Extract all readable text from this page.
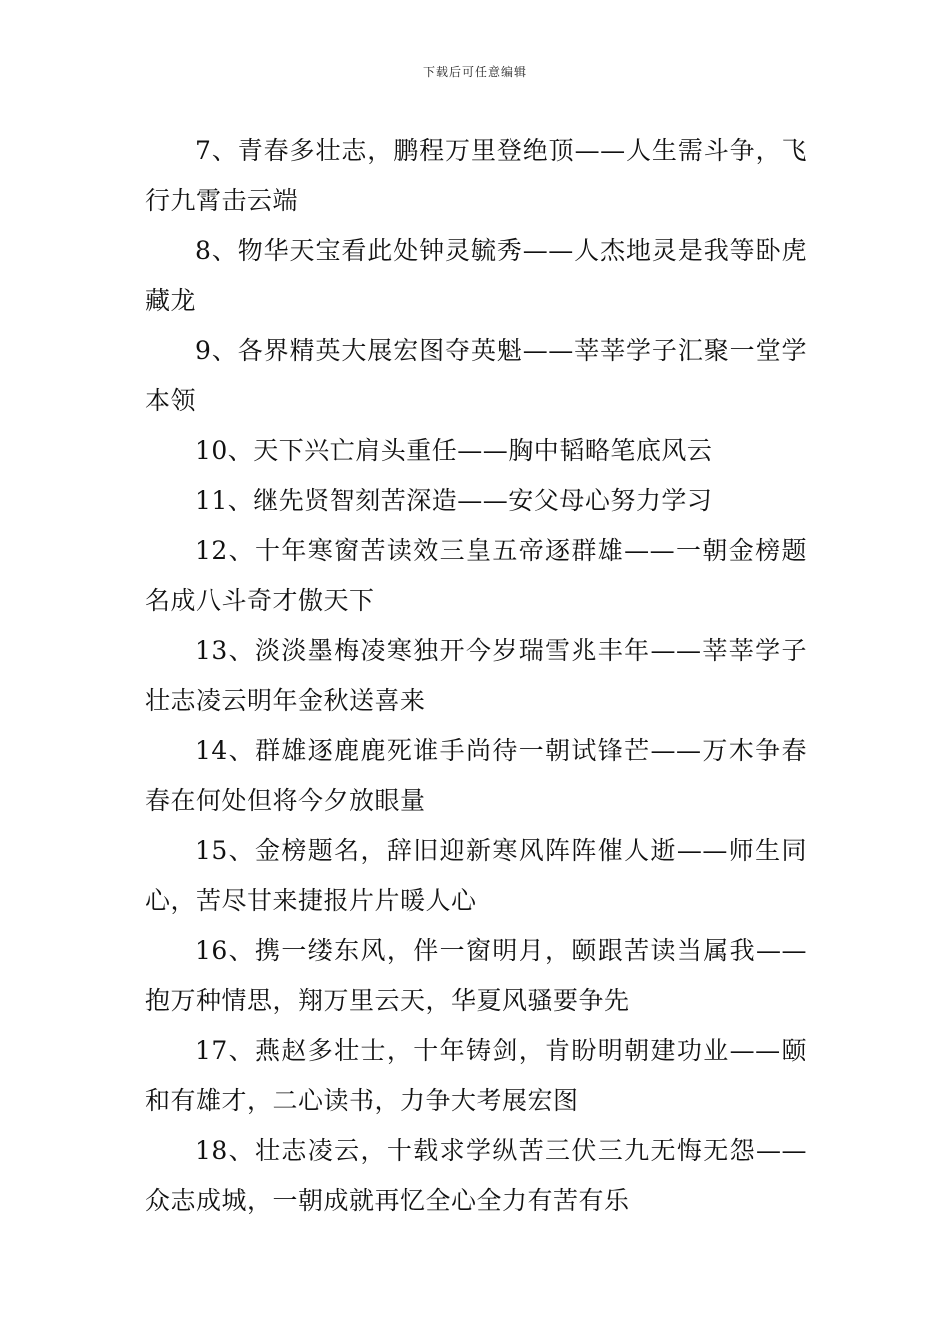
下载后可任意编辑

7、青春多壮志，鹏程万里登绝顶——人生需斗争，飞行九霄击云端

8、物华天宝看此处钟灵毓秀——人杰地灵是我等卧虎藏龙

9、各界精英大展宏图夺英魁——莘莘学子汇聚一堂学本领

10、天下兴亡肩头重任——胸中韬略笔底风云

11、继先贤智刻苦深造——安父母心努力学习

12、十年寒窗苦读效三皇五帝逐群雄——一朝金榜题名成八斗奇才傲天下

13、淡淡墨梅凌寒独开今岁瑞雪兆丰年——莘莘学子壮志凌云明年金秋送喜来

14、群雄逐鹿鹿死谁手尚待一朝试锋芒——万木争春春在何处但将今夕放眼量

15、金榜题名，辞旧迎新寒风阵阵催人逝——师生同心，苦尽甘来捷报片片暖人心

16、携一缕东风，伴一窗明月，颐跟苦读当属我——抱万种情思，翔万里云天，华夏风骚要争先

17、燕赵多壮士，十年铸剑，肯盼明朝建功业——颐和有雄才，二心读书，力争大考展宏图

18、壮志凌云，十载求学纵苦三伏三九无悔无怨——众志成城，一朝成就再忆全心全力有苦有乐
